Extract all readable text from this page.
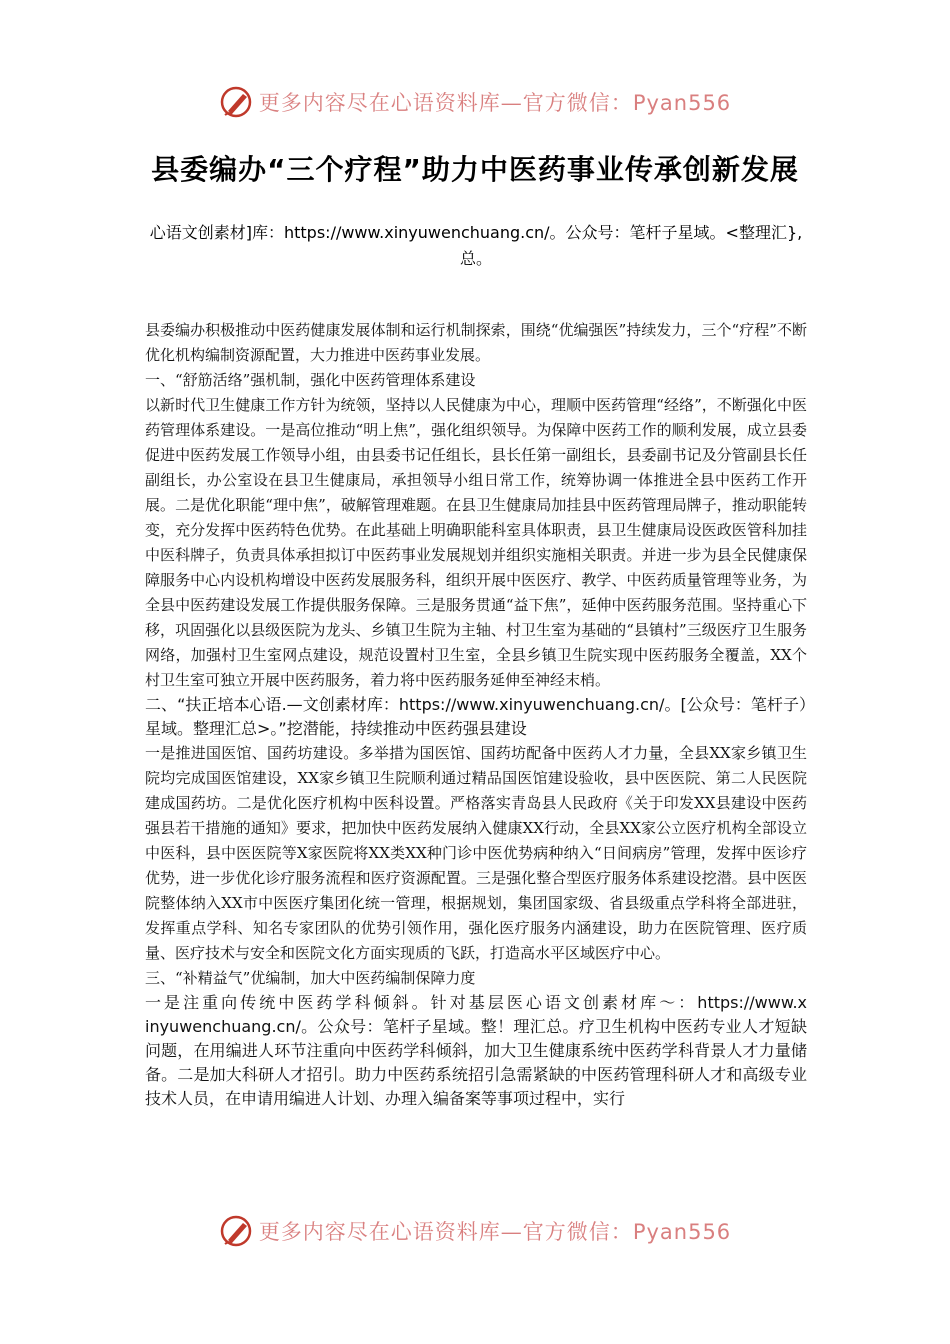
更多内容尽在心语资料库—官方微信：Pyan556
县委编办“三个疗程”助力中医药事业传承创新发展
心语文创素材]库：https://www.xinyuwenchuang.cn/。公众号：笔杆子星域。<整理汇},总。

县委编办积极推动中医药健康发展体制和运行机制探索，围绕“优编强医”持续发力，三个“疗程”不断优化机构编制资源配置，大力推进中医药事业发展。

一、“舒筋活络”强机制，强化中医药管理体系建设

以新时代卫生健康工作方针为统领，坚持以人民健康为中心，理顺中医药管理“经络”，不断强化中医药管理体系建设。一是高位推动“明上焦”，强化组织领导。为保障中医药工作的顺利发展，成立县委促进中医药发展工作领导小组，由县委书记任组长，县长任第一副组长，县委副书记及分管副县长任副组长，办公室设在县卫生健康局，承担领导小组日常工作，统筹协调一体推进全县中医药工作开展。二是优化职能“理中焦”，破解管理难题。在县卫生健康局加挂县中医药管理局牌子，推动职能转变，充分发挥中医药特色优势。在此基础上明确职能科室具体职责，县卫生健康局设医政医管科加挂中医科牌子，负责具体承担拟订中医药事业发展规划并组织实施相关职责。并进一步为县全民健康保障服务中心内设机构增设中医药发展服务科，组织开展中医医疗、教学、中医药质量管理等业务，为全县中医药建设发展工作提供服务保障。三是服务贯通“益下焦”，延伸中医药服务范围。坚持重心下移，巩固强化以县级医院为龙头、乡镇卫生院为主轴、村卫生室为基础的“县镇村”三级医疗卫生服务网络，加强村卫生室网点建设，规范设置村卫生室，全县乡镇卫生院实现中医药服务全覆盖，XX个村卫生室可独立开展中医药服务，着力将中医药服务延伸至神经末梢。

二、“扶正培本心语.—文创素材库：https://www.xinyuwenchuang.cn/。[公众号：笔杆子）星域。整理汇总>。”挖潜能，持续推动中医药强县建设

一是推进国医馆、国药坊建设。多举措为国医馆、国药坊配备中医药人才力量，全县XX家乡镇卫生院均完成国医馆建设，XX家乡镇卫生院顺利通过精品国医馆建设验收，县中医医院、第二人民医院建成国药坊。二是优化医疗机构中医科设置。严格落实青岛县人民政府《关于印发XX县建设中医药强县若干措施的通知》要求，把加快中医药发展纳入健康XX行动，全县XX家公立医疗机构全部设立中医科，县中医医院等X家医院将XX类XX种门诊中医优势病种纳入“日间病房”管理，发挥中医诊疗优势，进一步优化诊疗服务流程和医疗资源配置。三是强化整合型医疗服务体系建设挖潜。县中医医院整体纳入XX市中医医疗集团化统一管理，根据规划，集团国家级、省县级重点学科将全部进驻，发挥重点学科、知名专家团队的优势引领作用，强化医疗服务内涵建设，助力在医院管理、医疗质量、医疗技术与安全和医院文化方面实现质的飞跃，打造高水平区域医疗中心。

三、“补精益气”优编制，加大中医药编制保障力度

一是注重向传统中医药学科倾斜。针对基层医心语文创素材库～：https://www.xinyuwenchuang.cn/。公众号：笔杆子星域。整！理汇总。疗卫生机构中医药专业人才短缺问题，在用编进人环节注重向中医药学科倾斜，加大卫生健康系统中医药学科背景人才力量储备。二是加大科研人才招引。助力中医药系统招引急需紧缺的中医药管理科研人才和高级专业技术人员，在申请用编进人计划、办理入编备案等事项过程中，实行

更多内容尽在心语资料库—官方微信：Pyan556
